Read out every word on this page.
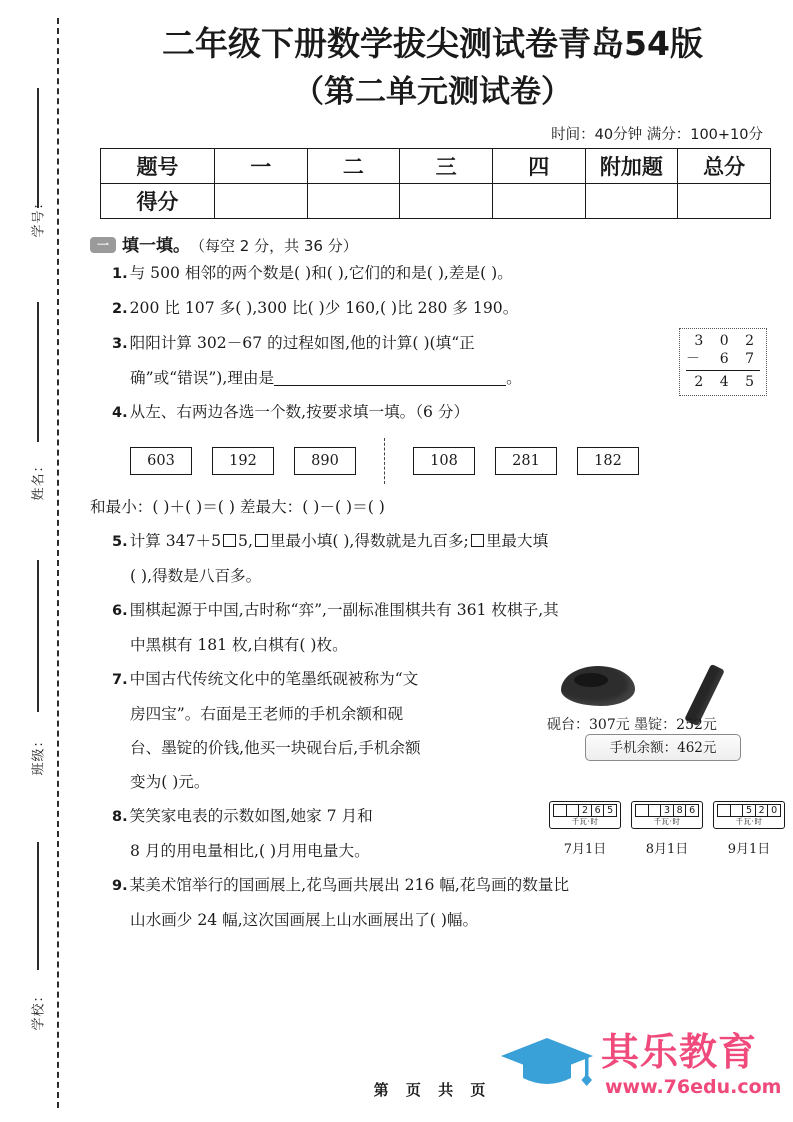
学号：
姓名：
班级：
学校：
二年级下册数学拔尖测试卷青岛54版
（第二单元测试卷）
时间：40分钟 满分：100+10分
题号	一	二	三	四	附加题	总分
得分						
一 填一填。 （每空 2 分，共 36 分）
1. 与 500 相邻的两个数是( )和( ),它们的和是( ),差是( )。
2. 200 比 107 多( ),300 比( )少 160,( )比 280 多 190。
3 0 2
－ 6 7
2 4 5
3. 阳阳计算 302－67 的过程如图,他的计算( )(填“正
确”或“错误”),理由是	。
4. 从左、右两边各选一个数,按要求填一填。（6 分）
603	192	890	108	281	182
和最小：( )＋( )＝( ) 差最大：( )－( )＝( )
5. 计算 347＋5 5, 里最小填( ),得数就是九百多; 里最大填
( ),得数是八百多。
6. 围棋起源于中国,古时称“弈”,一副标准围棋共有 361 枚棋子,其
中黑棋有 181 枚,白棋有( )枚。
砚台：307元 墨锭：252元
手机余额：462元
7. 中国古代传统文化中的笔墨纸砚被称为“文
房四宝”。右面是王老师的手机余额和砚
台、墨锭的价钱,他买一块砚台后,手机余额
变为( )元。
2 6 5
千瓦·时
7月1日
3 8 6
千瓦·时
8月1日
5 2 0
千瓦·时
9月1日
8. 笑笑家电表的示数如图,她家 7 月和
8 月的用电量相比,( )月用电量大。
9. 某美术馆举行的国画展上,花鸟画共展出 216 幅,花鸟画的数量比
山水画少 24 幅,这次国画展上山水画展出了( )幅。
其乐教育
www.76edu.com
第 页 共 页
